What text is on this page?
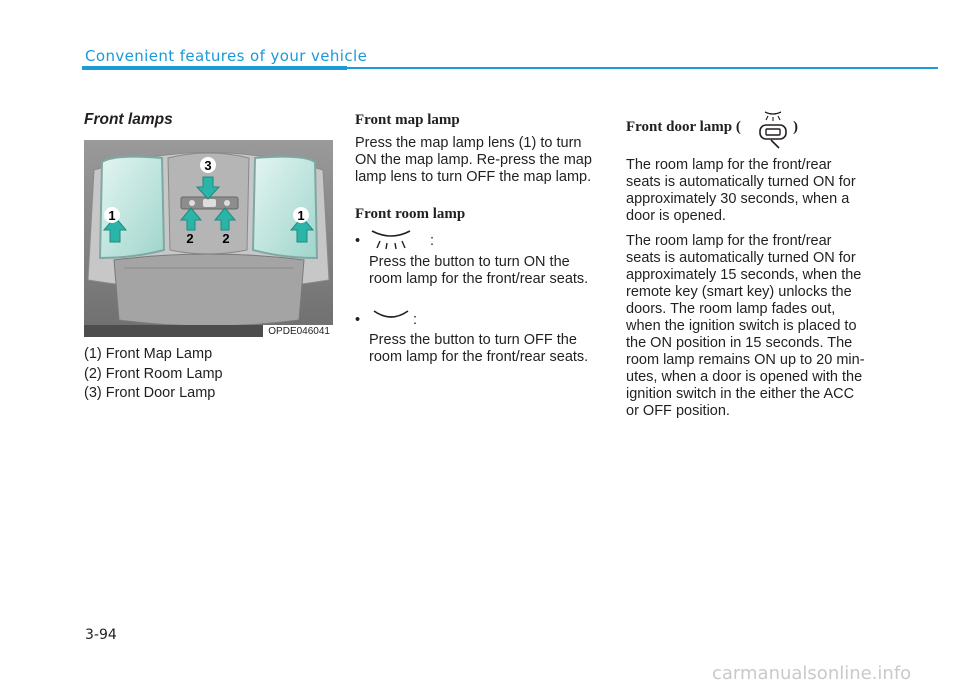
Convenient features of your vehicle
Front lamps
1	1
2 2
3
OPDE046041
(1) Front Map Lamp
(2) Front Room Lamp
(3) Front Door Lamp
Front map lamp
Press the map lamp lens (1) to turn
ON the map lamp. Re-press the map
lamp lens to turn OFF the map lamp.
Front room lamp
•	:
Press the button to turn ON the
room lamp for the front/rear seats.
•	:
Press the button to turn OFF the
room lamp for the front/rear seats.
Front door lamp (	)
The room lamp for the front/rear
seats is automatically turned ON for
approximately 30 seconds, when a
door is opened.
The room lamp for the front/rear
seats is automatically turned ON for
approximately 15 seconds, when the
remote key (smart key) unlocks the
doors. The room lamp fades out,
when the ignition switch is placed to
the ON position in 15 seconds. The
room lamp remains ON up to 20 min-
utes, when a door is opened with the
ignition switch in the either the ACC
or OFF position.
3-94
carmanualsonline.info
